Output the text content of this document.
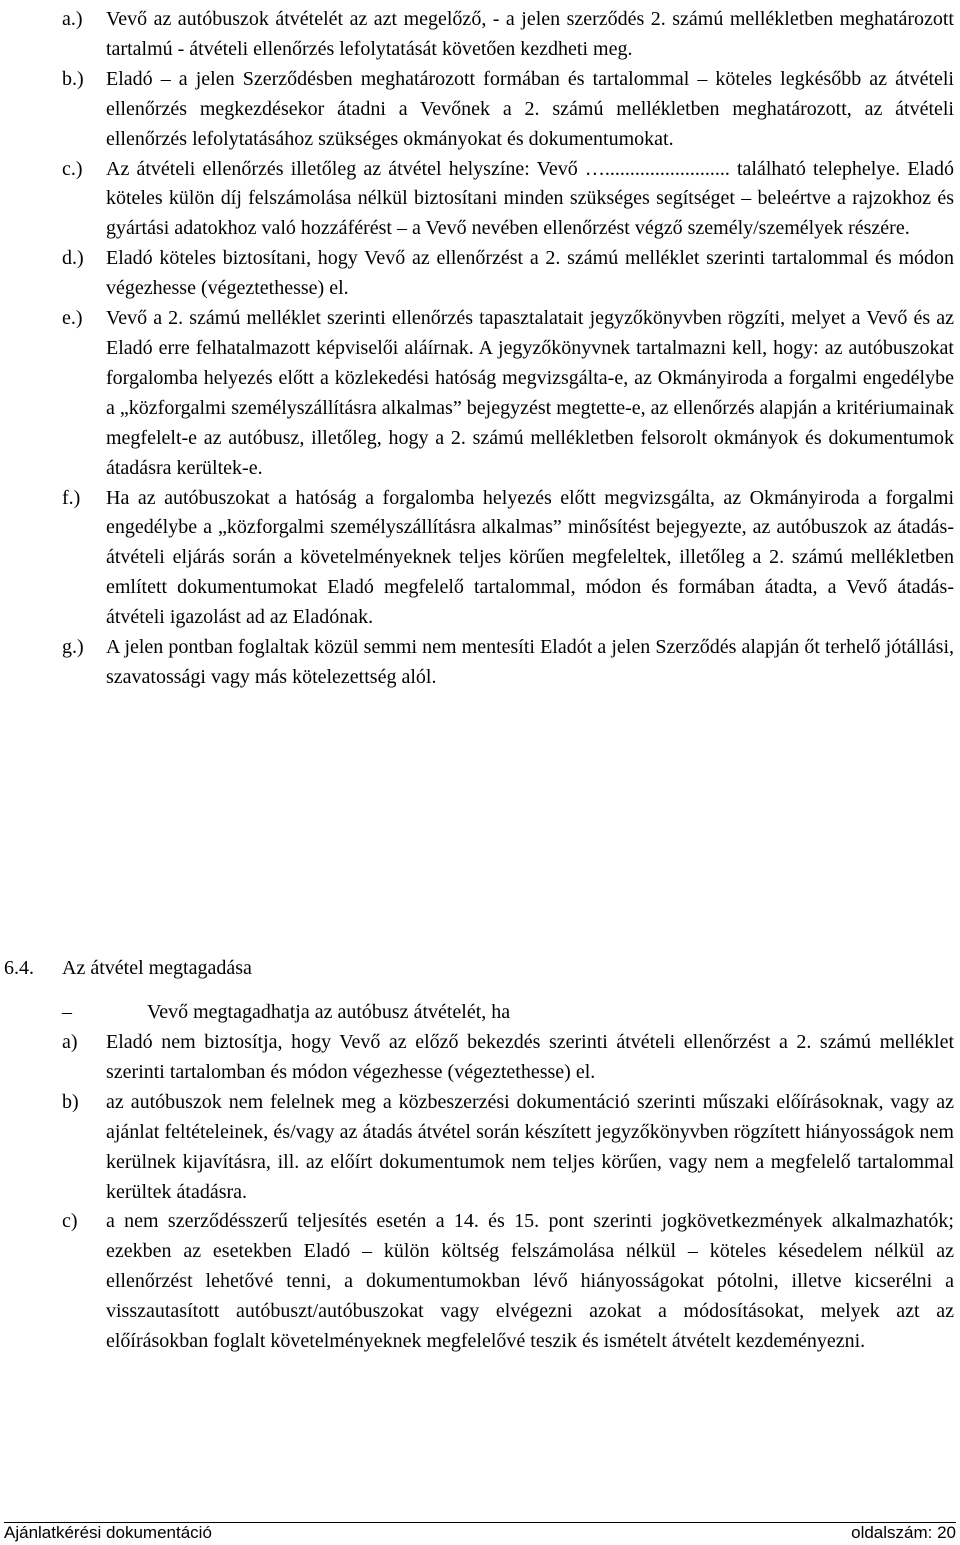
a.)	Vevő az autóbuszok átvételét az azt megelőző, - a jelen szerződés 2. számú mellékletben meghatározott tartalmú - átvételi ellenőrzés lefolytatását követően kezdheti meg.
b.)	Eladó – a jelen Szerződésben meghatározott formában és tartalommal – köteles legkésőbb az átvételi ellenőrzés megkezdésekor átadni a Vevőnek a 2. számú mellékletben meghatározott, az átvételi ellenőrzés lefolytatásához szükséges okmányokat és dokumentumokat.
c.)	Az átvételi ellenőrzés illetőleg az átvétel helyszíne: Vevő …......................... található telephelye. Eladó köteles külön díj felszámolása nélkül biztosítani minden szükséges segítséget – beleértve a rajzokhoz és gyártási adatokhoz való hozzáférést – a Vevő nevében ellenőrzést végző személy/személyek részére.
d.)	Eladó köteles biztosítani, hogy Vevő az ellenőrzést a 2. számú melléklet szerinti tartalommal és módon végezhesse (végeztethesse) el.
e.)	Vevő a 2. számú melléklet szerinti ellenőrzés tapasztalatait jegyzőkönyvben rögzíti, melyet a Vevő és az Eladó erre felhatalmazott képviselői aláírnak. A jegyzőkönyvnek tartalmazni kell, hogy: az autóbuszokat forgalomba helyezés előtt a közlekedési hatóság megvizsgálta-e, az Okmányiroda a forgalmi engedélybe a „közforgalmi személyszállításra alkalmas” bejegyzést megtette-e, az ellenőrzés alapján a kritériumainak megfelelt-e az autóbusz, illetőleg, hogy a 2. számú mellékletben felsorolt okmányok és dokumentumok átadásra kerültek-e.
f.)	Ha az autóbuszokat a hatóság a forgalomba helyezés előtt megvizsgálta, az Okmányiroda a forgalmi engedélybe a „közforgalmi személyszállításra alkalmas” minősítést bejegyezte, az autóbuszok az átadás-átvételi eljárás során a követelményeknek teljes körűen megfeleltek, illetőleg a 2. számú mellékletben említett dokumentumokat Eladó megfelelő tartalommal, módon és formában átadta, a Vevő átadás-átvételi igazolást ad az Eladónak.
g.)	A jelen pontban foglaltak közül semmi nem mentesíti Eladót a jelen Szerződés alapján őt terhelő jótállási, szavatossági vagy más kötelezettség alól.
6.4.	Az átvétel megtagadása
–	Vevő megtagadhatja az autóbusz átvételét, ha
a)	Eladó nem biztosítja, hogy Vevő az előző bekezdés szerinti átvételi ellenőrzést a 2. számú melléklet szerinti tartalomban és módon végezhesse (végeztethesse) el.
b)	az autóbuszok nem felelnek meg a közbeszerzési dokumentáció szerinti műszaki előírásoknak, vagy az ajánlat feltételeinek, és/vagy az átadás átvétel során készített jegyzőkönyvben rögzített hiányosságok nem kerülnek kijavításra, ill. az előírt dokumentumok nem teljes körűen, vagy nem a megfelelő tartalommal kerültek átadásra.
c)	a nem szerződésszerű teljesítés esetén a 14. és 15. pont szerinti jogkövetkezmények alkalmazhatók; ezekben az esetekben Eladó – külön költség felszámolása nélkül – köteles késedelem nélkül az ellenőrzést lehetővé tenni, a dokumentumokban lévő hiányosságokat pótolni, illetve kicserélni a visszautasított autóbuszt/autóbuszokat vagy elvégezni azokat a módosításokat, melyek azt az előírásokban foglalt követelményeknek megfelelővé teszik és ismételt átvételt kezdeményezni.
Ajánlatkérési dokumentáció	oldalszám: 20
